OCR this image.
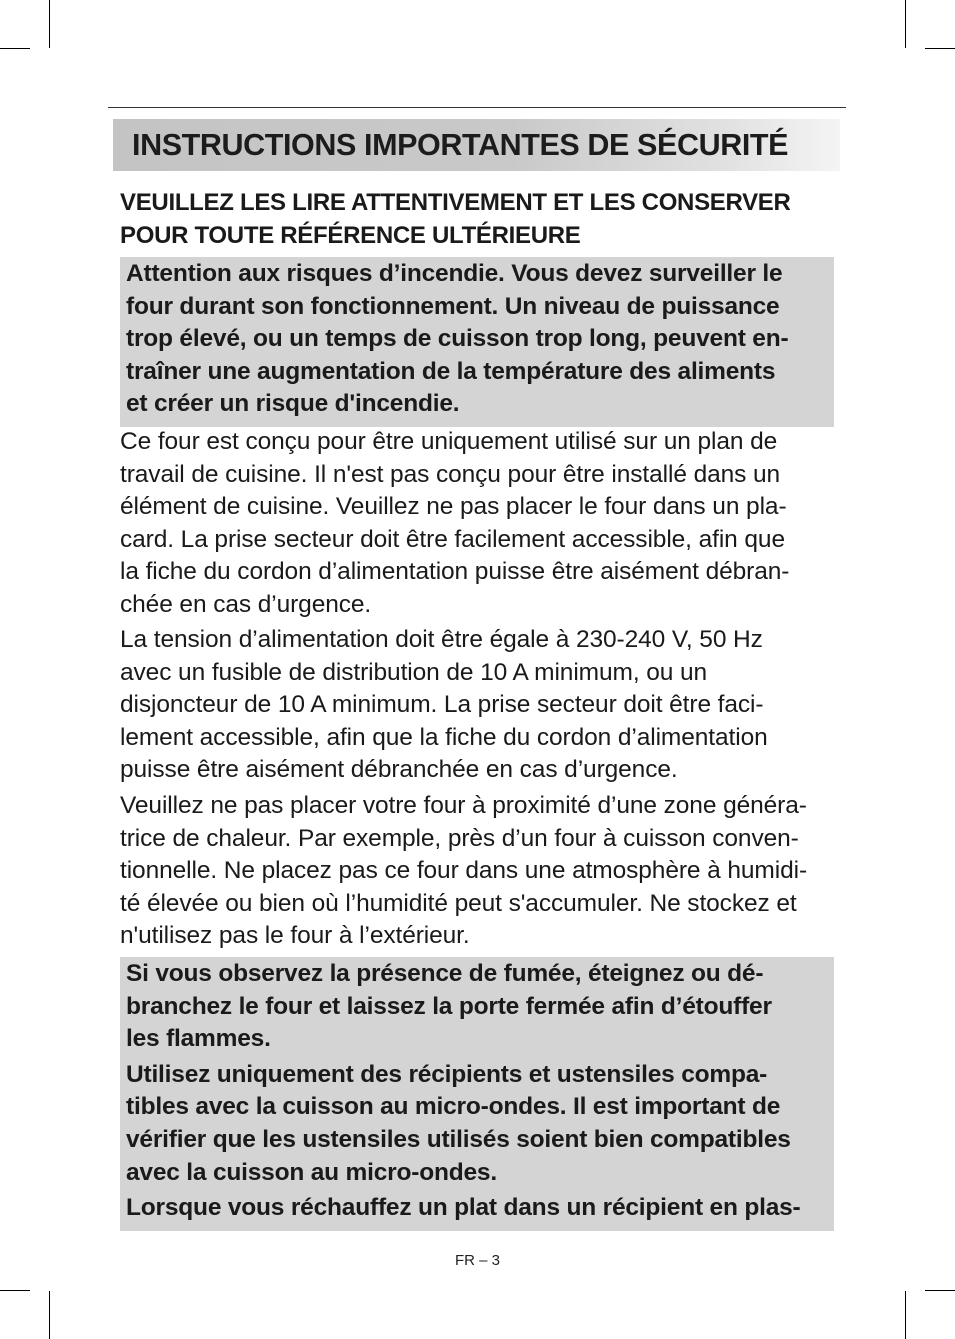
INSTRUCTIONS IMPORTANTES DE SÉCURITÉ
VEUILLEZ LES LIRE ATTENTIVEMENT ET LES CONSERVER
POUR TOUTE RÉFÉRENCE ULTÉRIEURE

Attention aux risques d’incendie. Vous devez surveiller le
four durant son fonctionnement. Un niveau de puissance
trop élevé, ou un temps de cuisson trop long, peuvent en-
traîner une augmentation de la température des aliments
et créer un risque d'incendie.

Ce four est conçu pour être uniquement utilisé sur un plan de
travail de cuisine. Il n'est pas conçu pour être installé dans un
élément de cuisine. Veuillez ne pas placer le four dans un pla-
card. La prise secteur doit être facilement accessible, afin que
la fiche du cordon d’alimentation puisse être aisément débran-
chée en cas d’urgence.
La tension d’alimentation doit être égale à 230-240 V, 50 Hz
avec un fusible de distribution de 10 A minimum, ou un
disjoncteur de 10 A minimum. La prise secteur doit être faci-
lement accessible, afin que la fiche du cordon d’alimentation
puisse être aisément débranchée en cas d’urgence.
Veuillez ne pas placer votre four à proximité d’une zone généra-
trice de chaleur. Par exemple, près d’un four à cuisson conven-
tionnelle. Ne placez pas ce four dans une atmosphère à humidi-
té élevée ou bien où l’humidité peut s'accumuler. Ne stockez et
n'utilisez pas le four à l’extérieur.

Si vous observez la présence de fumée, éteignez ou dé-
branchez le four et laissez la porte fermée afin d’étouffer
les flammes.

Utilisez uniquement des récipients et ustensiles compa-
tibles avec la cuisson au micro-ondes. Il est important de
vérifier que les ustensiles utilisés soient bien compatibles
avec la cuisson au micro-ondes.

Lorsque vous réchauffez un plat dans un récipient en plas-

FR – 3
